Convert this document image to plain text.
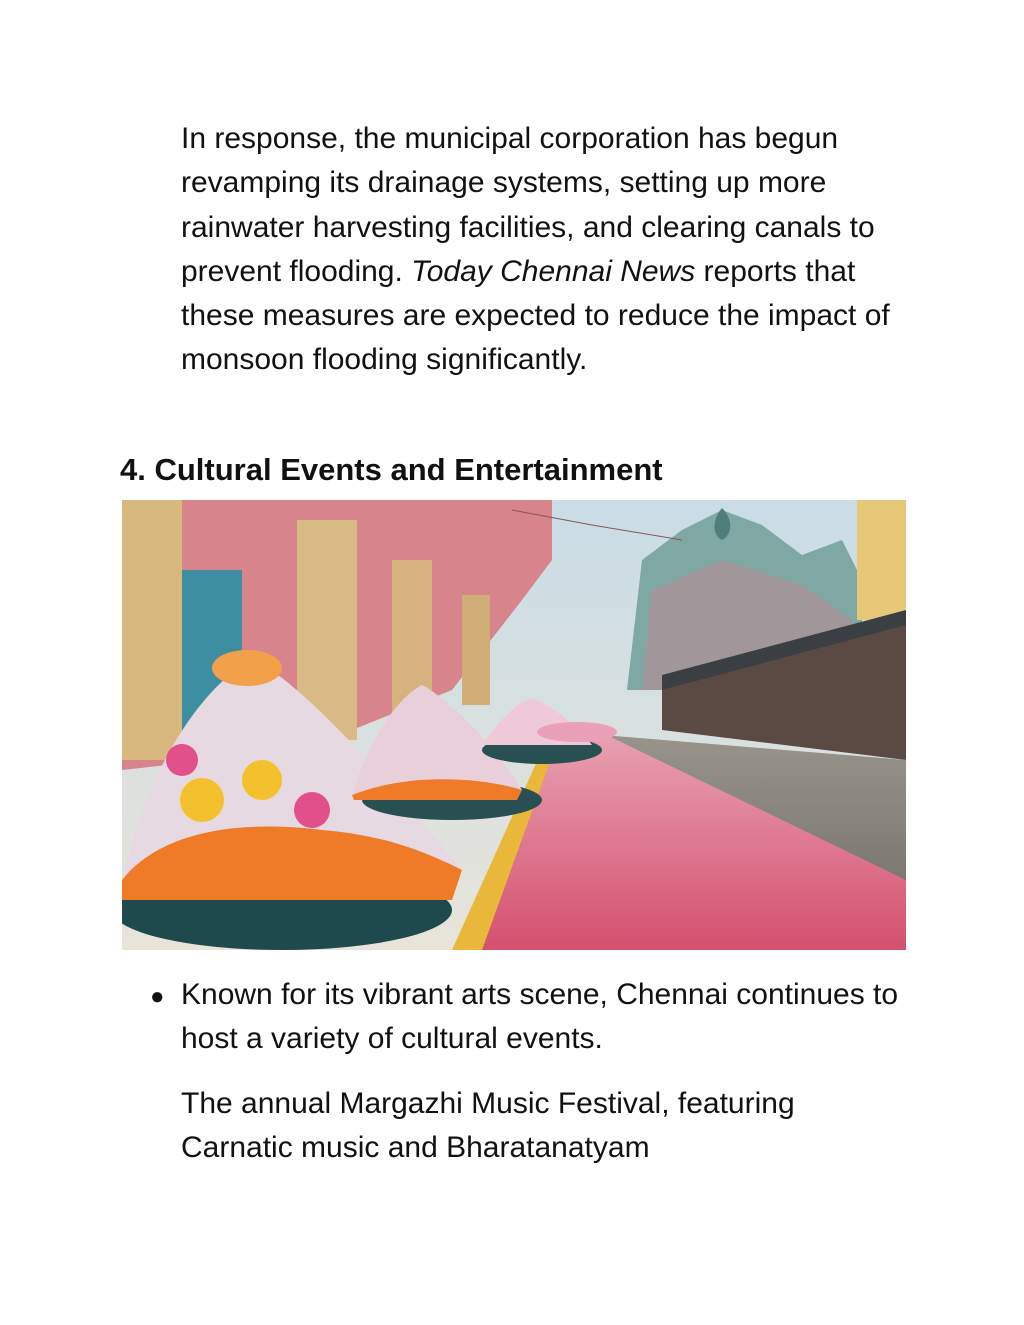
In response, the municipal corporation has begun revamping its drainage systems, setting up more rainwater harvesting facilities, and clearing canals to prevent flooding. Today Chennai News reports that these measures are expected to reduce the impact of monsoon flooding significantly.

4. Cultural Events and Entertainment
● Known for its vibrant arts scene, Chennai continues to host a variety of cultural events.

The annual Margazhi Music Festival, featuring Carnatic music and Bharatanatyam
